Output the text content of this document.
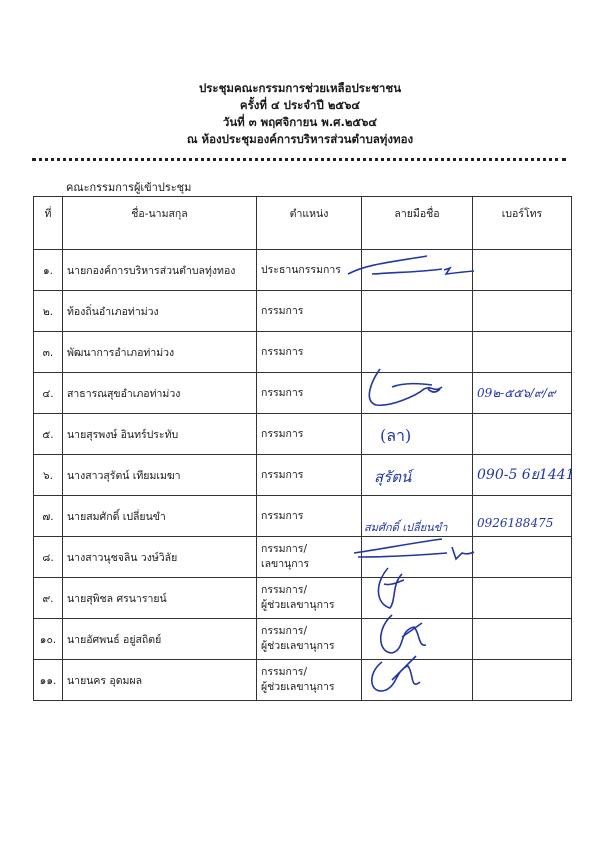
ประชุมคณะกรรมการช่วยเหลือประชาชน
ครั้งที่ ๔ ประจำปี ๒๕๖๔
วันที่ ๓ พฤศจิกายน พ.ศ.๒๕๖๔
ณ ห้องประชุมองค์การบริหารส่วนตำบลทุ่งทอง
คณะกรรมการผู้เข้าประชุม
ที่	ชื่อ-นามสกุล	ตำแหน่ง	ลายมือชื่อ	เบอร์โทร
๑.	นายกองค์การบริหารส่วนตำบลทุ่งทอง	ประธานกรรมการ	

๒.	ท้องถิ่นอำเภอท่าม่วง	กรรมการ		
๓.	พัฒนาการอำเภอท่าม่วง	กรรมการ		
๔.	สาธารณสุขอำเภอท่าม่วง	กรรมการ		09๒-๕๕๖/๙/๙
๕.	นายสุรพงษ์ อินทร์ประทับ	กรรมการ	(ลา)	

๖.	นางสาวสุรัตน์ เทียมเมฆา	กรรมการ	สุรัตน์	090-5 6ย1441
๗.	นายสมศักดิ์ เปลี่ยนขำ	กรรมการ	สมศักดิ์ เปลี่ยนขำ	0926188475
๘.	นางสาวนุชจลิน วงษ์วิลัย	กรรมการ/
เลขานุการ

๙.	นายสุพิชล ศรนารายน์	กรรมการ/
ผู้ช่วยเลขานุการ

๑๐.	นายอัศพนธ์ อยู่สถิตย์	กรรมการ/
ผู้ช่วยเลขานุการ

๑๑.	นายนคร อุดมผล	กรรมการ/
ผู้ช่วยเลขานุการ
